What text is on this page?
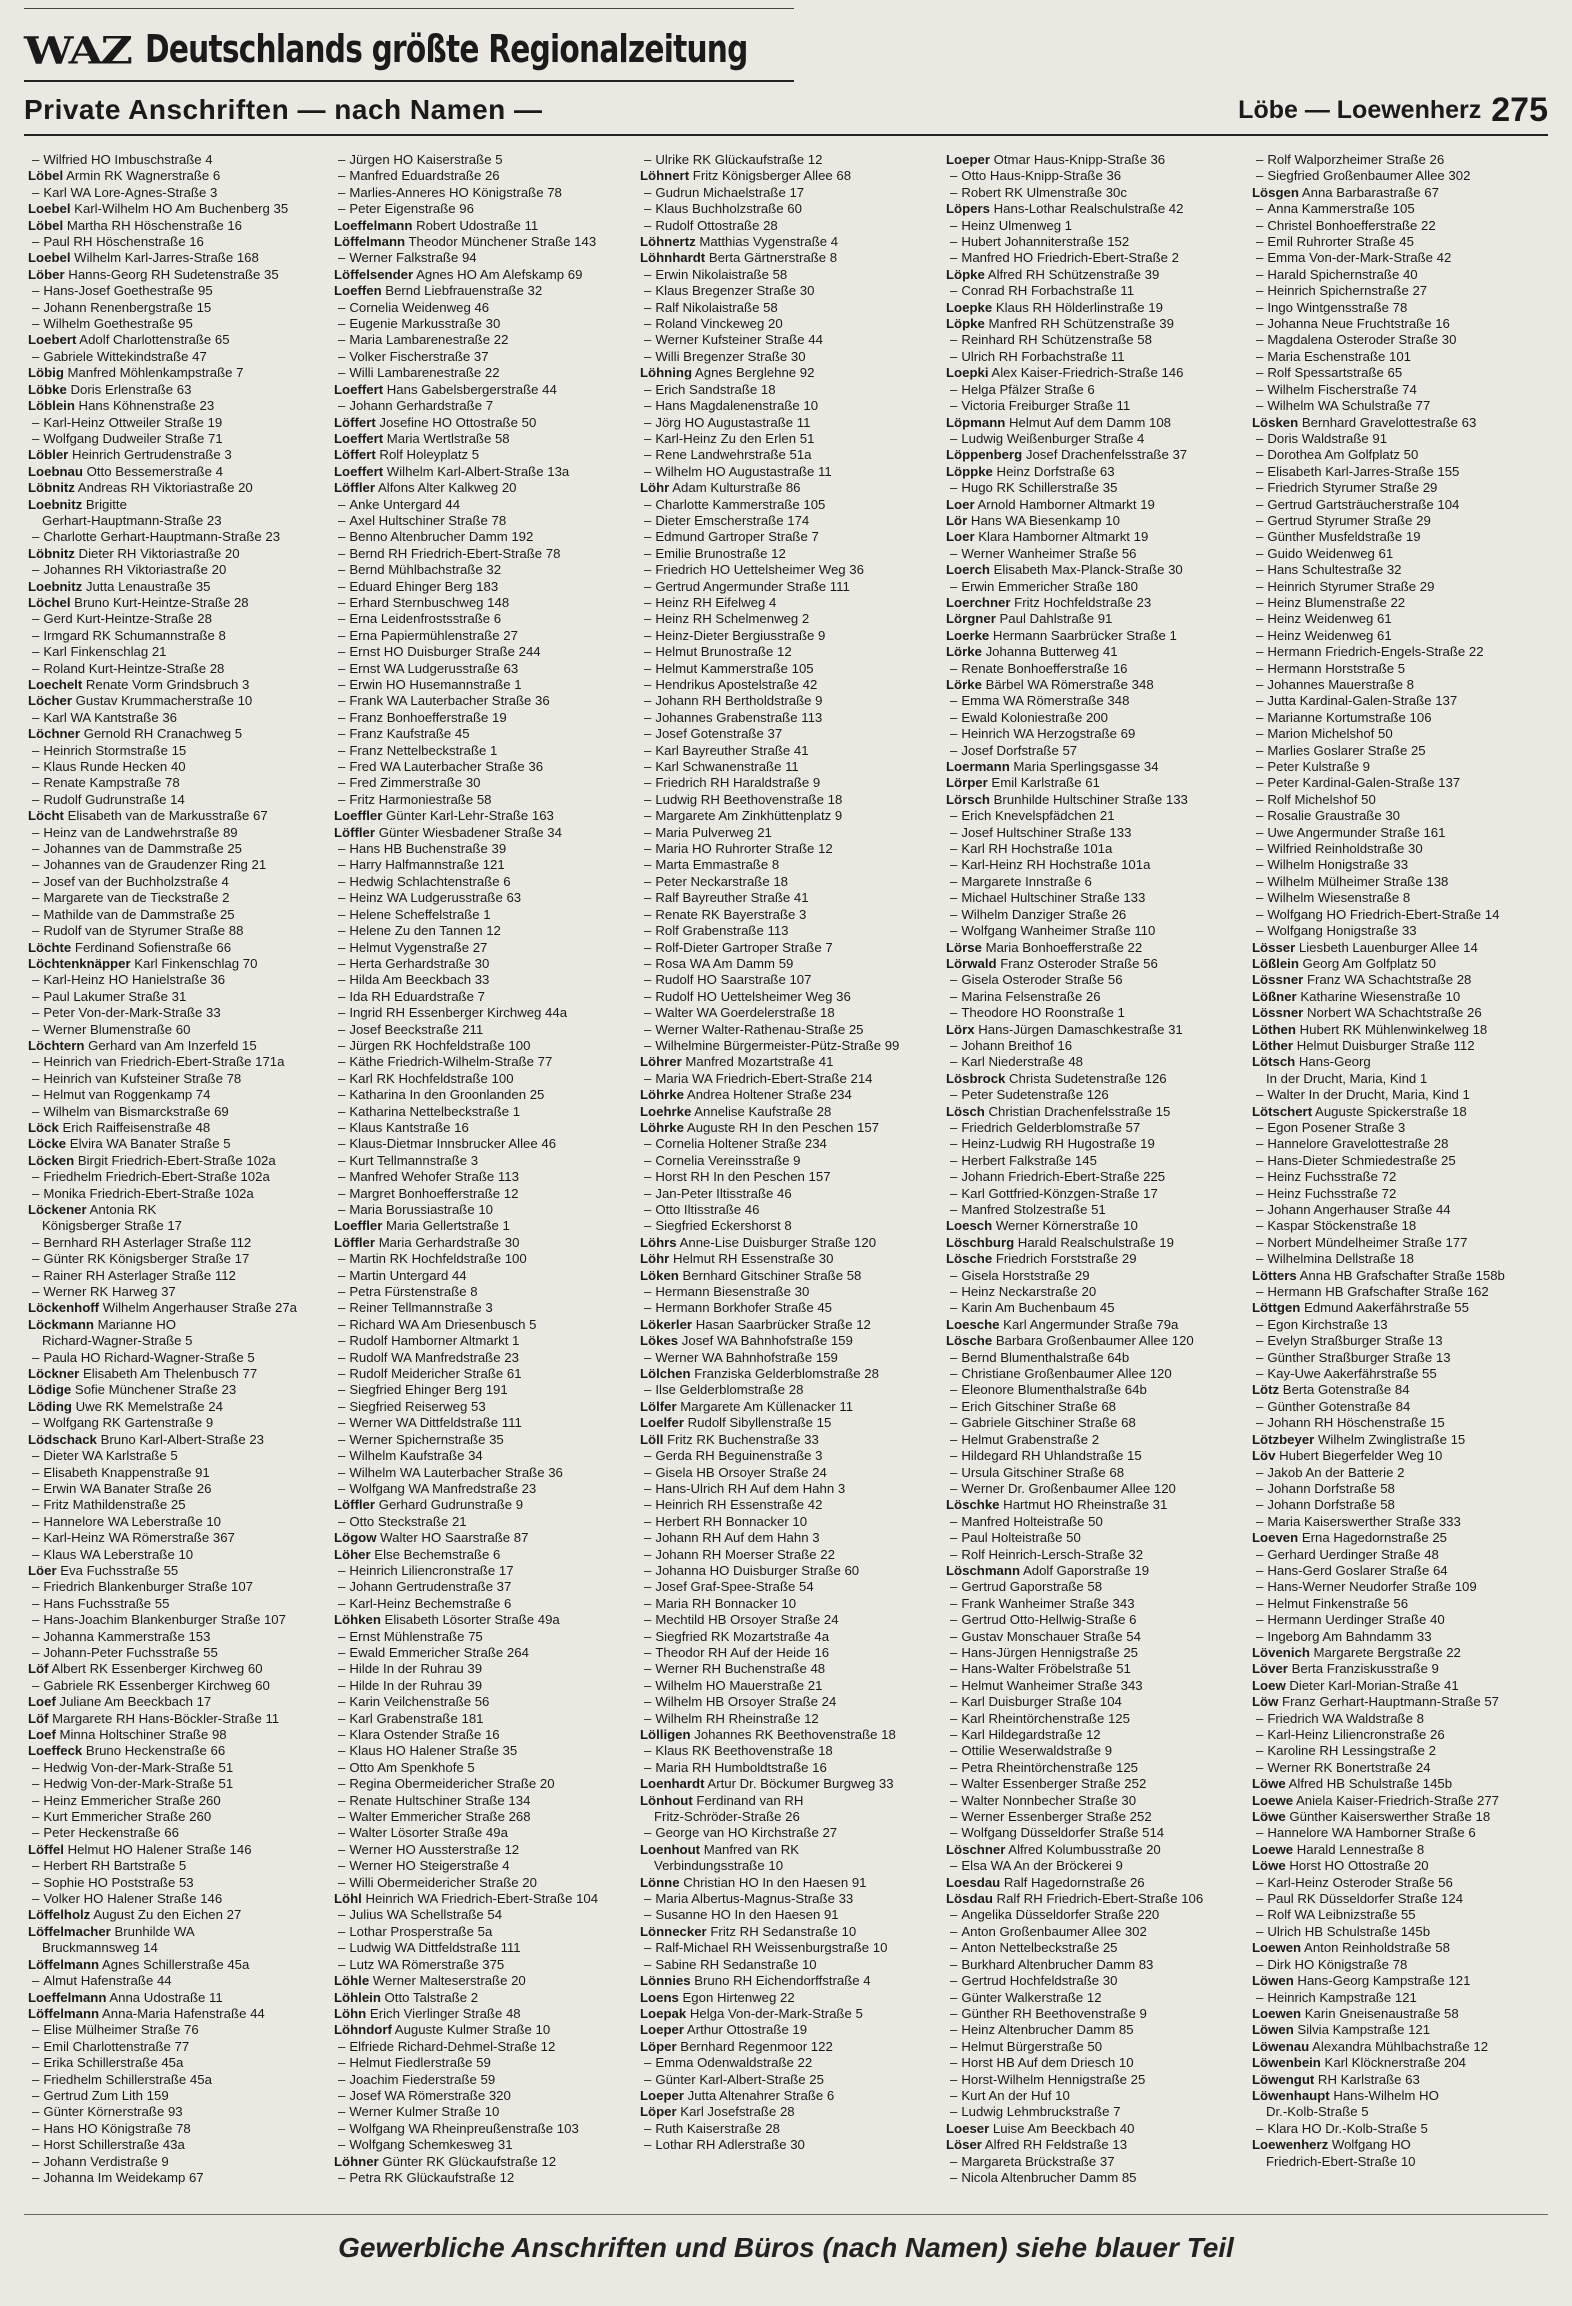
WAZ Deutschlands größte Regionalzeitung
Private Anschriften — nach Namen —	Löbe — Loewenherz 275
– Wilfried HO Imbuschstraße 4
Löbel Armin RK Wagnerstraße 6
– Karl WA Lore-Agnes-Straße 3
Loebel Karl-Wilhelm HO Am Buchenberg 35
Löbel Martha RH Höschenstraße 16
– Paul RH Höschenstraße 16
Loebel Wilhelm Karl-Jarres-Straße 168
Löber Hanns-Georg RH Sudetenstraße 35
– Hans-Josef Goethestraße 95
– Johann Renenbergstraße 15
– Wilhelm Goethestraße 95
Loebert Adolf Charlottenstraße 65
– Gabriele Wittekindstraße 47
Löbig Manfred Möhlenkampstraße 7
Löbke Doris Erlenstraße 63
Löblein Hans Köhnenstraße 23
– Karl-Heinz Ottweiler Straße 19
– Wolfgang Dudweiler Straße 71
Löbler Heinrich Gertrudenstraße 3
Loebnau Otto Bessemerstraße 4
Löbnitz Andreas RH Viktoriastraße 20
Loebnitz Brigitte
Gerhart-Hauptmann-Straße 23
– Charlotte Gerhart-Hauptmann-Straße 23
Löbnitz Dieter RH Viktoriastraße 20
– Johannes RH Viktoriastraße 20
Loebnitz Jutta Lenaustraße 35
Löchel Bruno Kurt-Heintze-Straße 28
– Gerd Kurt-Heintze-Straße 28
– Irmgard RK Schumannstraße 8
– Karl Finkenschlag 21
– Roland Kurt-Heintze-Straße 28
Loechelt Renate Vorm Grindsbruch 3
Löcher Gustav Krummacherstraße 10
– Karl WA Kantstraße 36
Löchner Gernold RH Cranachweg 5
– Heinrich Stormstraße 15
– Klaus Runde Hecken 40
– Renate Kampstraße 78
– Rudolf Gudrunstraße 14
Löcht Elisabeth van de Markusstraße 67
– Heinz van de Landwehrstraße 89
– Johannes van de Dammstraße 25
– Johannes van de Graudenzer Ring 21
– Josef van der Buchholzstraße 4
– Margarete van de Tieckstraße 2
– Mathilde van de Dammstraße 25
– Rudolf van de Styrumer Straße 88
Löchte Ferdinand Sofienstraße 66
Löchtenknäpper Karl Finkenschlag 70
– Karl-Heinz HO Hanielstraße 36
– Paul Lakumer Straße 31
– Peter Von-der-Mark-Straße 33
– Werner Blumenstraße 60
Löchtern Gerhard van Am Inzerfeld 15
– Heinrich van Friedrich-Ebert-Straße 171a
– Heinrich van Kufsteiner Straße 78
– Helmut van Roggenkamp 74
– Wilhelm van Bismarckstraße 69
Löck Erich Raiffeisenstraße 48
Löcke Elvira WA Banater Straße 5
Löcken Birgit Friedrich-Ebert-Straße 102a
– Friedhelm Friedrich-Ebert-Straße 102a
– Monika Friedrich-Ebert-Straße 102a
Löckener Antonia RK
Königsberger Straße 17
– Bernhard RH Asterlager Straße 112
– Günter RK Königsberger Straße 17
– Rainer RH Asterlager Straße 112
– Werner RK Harweg 37
Löckenhoff Wilhelm Angerhauser Straße 27a
Löckmann Marianne HO
Richard-Wagner-Straße 5
– Paula HO Richard-Wagner-Straße 5
Löckner Elisabeth Am Thelenbusch 77
Lödige Sofie Münchener Straße 23
Löding Uwe RK Memelstraße 24
– Wolfgang RK Gartenstraße 9
Lödschack Bruno Karl-Albert-Straße 23
– Dieter WA Karlstraße 5
– Elisabeth Knappenstraße 91
– Erwin WA Banater Straße 26
– Fritz Mathildenstraße 25
– Hannelore WA Leberstraße 10
– Karl-Heinz WA Römerstraße 367
– Klaus WA Leberstraße 10
Löer Eva Fuchsstraße 55
– Friedrich Blankenburger Straße 107
– Hans Fuchsstraße 55
– Hans-Joachim Blankenburger Straße 107
– Johanna Kammerstraße 153
– Johann-Peter Fuchsstraße 55
Löf Albert RK Essenberger Kirchweg 60
– Gabriele RK Essenberger Kirchweg 60
Loef Juliane Am Beeckbach 17
Löf Margarete RH Hans-Böckler-Straße 11
Loef Minna Holtschiner Straße 98
Loeffeck Bruno Heckenstraße 66
– Hedwig Von-der-Mark-Straße 51
– Hedwig Von-der-Mark-Straße 51
– Heinz Emmericher Straße 260
– Kurt Emmericher Straße 260
– Peter Heckenstraße 66
Löffel Helmut HO Halener Straße 146
– Herbert RH Bartstraße 5
– Sophie HO Poststraße 53
– Volker HO Halener Straße 146
Löffelholz August Zu den Eichen 27
Löffelmacher Brunhilde WA
Bruckmannsweg 14
Löffelmann Agnes Schillerstraße 45a
– Almut Hafenstraße 44
Loeffelmann Anna Udostraße 11
Löffelmann Anna-Maria Hafenstraße 44
– Elise Mülheimer Straße 76
– Emil Charlottenstraße 77
– Erika Schillerstraße 45a
– Friedhelm Schillerstraße 45a
– Gertrud Zum Lith 159
– Günter Körnerstraße 93
– Hans HO Königstraße 78
– Horst Schillerstraße 43a
– Johann Verdistraße 9
– Johanna Im Weidekamp 67
– Jürgen HO Kaiserstraße 5
– Manfred Eduardstraße 26
– Marlies-Anneres HO Königstraße 78
– Peter Eigenstraße 96
Loeffelmann Robert Udostraße 11
Löffelmann Theodor Münchener Straße 143
– Werner Falkstraße 94
Löffelsender Agnes HO Am Alefskamp 69
Loeffen Bernd Liebfrauenstraße 32
– Cornelia Weidenweg 46
– Eugenie Markusstraße 30
– Maria Lambarenestraße 22
– Volker Fischerstraße 37
– Willi Lambarenestraße 22
Loeffert Hans Gabelsbergerstraße 44
– Johann Gerhardstraße 7
Löffert Josefine HO Ottostraße 50
Loeffert Maria Wertlstraße 58
Löffert Rolf Holeyplatz 5
Loeffert Wilhelm Karl-Albert-Straße 13a
Löffler Alfons Alter Kalkweg 20
– Anke Untergard 44
– Axel Hultschiner Straße 78
– Benno Altenbrucher Damm 192
– Bernd RH Friedrich-Ebert-Straße 78
– Bernd Mühlbachstraße 32
– Eduard Ehinger Berg 183
– Erhard Sternbuschweg 148
– Erna Leidenfrostsstraße 6
– Erna Papiermühlenstraße 27
– Ernst HO Duisburger Straße 244
– Ernst WA Ludgerusstraße 63
– Erwin HO Husemannstraße 1
– Frank WA Lauterbacher Straße 36
– Franz Bonhoefferstraße 19
– Franz Kaufstraße 45
– Franz Nettelbeckstraße 1
– Fred WA Lauterbacher Straße 36
– Fred Zimmerstraße 30
– Fritz Harmoniestraße 58
Loeffler Günter Karl-Lehr-Straße 163
Löffler Günter Wiesbadener Straße 34
– Hans HB Buchenstraße 39
– Harry Halfmannstraße 121
– Hedwig Schlachtenstraße 6
– Heinz WA Ludgerusstraße 63
– Helene Scheffelstraße 1
– Helene Zu den Tannen 12
– Helmut Vygenstraße 27
– Herta Gerhardstraße 30
– Hilda Am Beeckbach 33
– Ida RH Eduardstraße 7
– Ingrid RH Essenberger Kirchweg 44a
– Josef Beeckstraße 211
– Jürgen RK Hochfeldstraße 100
– Käthe Friedrich-Wilhelm-Straße 77
– Karl RK Hochfeldstraße 100
– Katharina In den Groonlanden 25
– Katharina Nettelbeckstraße 1
– Klaus Kantstraße 16
– Klaus-Dietmar Innsbrucker Allee 46
– Kurt Tellmannstraße 3
– Manfred Wehofer Straße 113
– Margret Bonhoefferstraße 12
– Maria Borussiastraße 10
Loeffler Maria Gellertstraße 1
Löffler Maria Gerhardstraße 30
– Martin RK Hochfeldstraße 100
– Martin Untergard 44
– Petra Fürstenstraße 8
– Reiner Tellmannstraße 3
– Richard WA Am Driesenbusch 5
– Rudolf Hamborner Altmarkt 1
– Rudolf WA Manfredstraße 23
– Rudolf Meidericher Straße 61
– Siegfried Ehinger Berg 191
– Siegfried Reiserweg 53
– Werner WA Dittfeldstraße 111
– Werner Spichernstraße 35
– Wilhelm Kaufstraße 34
– Wilhelm WA Lauterbacher Straße 36
– Wolfgang WA Manfredstraße 23
Löffler Gerhard Gudrunstraße 9
– Otto Steckstraße 21
Lögow Walter HO Saarstraße 87
Löher Else Bechemstraße 6
– Heinrich Liliencronstraße 17
– Johann Gertrudenstraße 37
– Karl-Heinz Bechemstraße 6
Löhken Elisabeth Lösorter Straße 49a
– Ernst Mühlenstraße 75
– Ewald Emmericher Straße 264
– Hilde In der Ruhrau 39
– Hilde In der Ruhrau 39
– Karin Veilchenstraße 56
– Karl Grabenstraße 181
– Klara Ostender Straße 16
– Klaus HO Halener Straße 35
– Otto Am Spenkhofe 5
– Regina Obermeidericher Straße 20
– Renate Hultschiner Straße 134
– Walter Emmericher Straße 268
– Walter Lösorter Straße 49a
– Werner HO Aussterstraße 12
– Werner HO Steigerstraße 4
– Willi Obermeidericher Straße 20
Löhl Heinrich WA Friedrich-Ebert-Straße 104
– Julius WA Schellstraße 54
– Lothar Prosperstraße 5a
– Ludwig WA Dittfeldstraße 111
– Lutz WA Römerstraße 375
Löhle Werner Malteserstraße 20
Löhlein Otto Talstraße 2
Löhn Erich Vierlinger Straße 48
Löhndorf Auguste Kulmer Straße 10
– Elfriede Richard-Dehmel-Straße 12
– Helmut Fiedlerstraße 59
– Joachim Fiederstraße 59
– Josef WA Römerstraße 320
– Werner Kulmer Straße 10
– Wolfgang WA Rheinpreußenstraße 103
– Wolfgang Schemkesweg 31
Löhner Günter RK Glückaufstraße 12
– Petra RK Glückaufstraße 12
– Ulrike RK Glückaufstraße 12
Löhnert Fritz Königsberger Allee 68
– Gudrun Michaelstraße 17
– Klaus Buchholzstraße 60
– Rudolf Ottostraße 28
Löhnertz Matthias Vygenstraße 4
Löhnhardt Berta Gärtnerstraße 8
– Erwin Nikolaistraße 58
– Klaus Bregenzer Straße 30
– Ralf Nikolaistraße 58
– Roland Vinckeweg 20
– Werner Kufsteiner Straße 44
– Willi Bregenzer Straße 30
Löhning Agnes Berglehne 92
– Erich Sandstraße 18
– Hans Magdalenenstraße 10
– Jörg HO Augustastraße 11
– Karl-Heinz Zu den Erlen 51
– Rene Landwehrstraße 51a
– Wilhelm HO Augustastraße 11
Löhr Adam Kulturstraße 86
– Charlotte Kammerstraße 105
– Dieter Emscherstraße 174
– Edmund Gartroper Straße 7
– Emilie Brunostraße 12
– Friedrich HO Uettelsheimer Weg 36
– Gertrud Angermunder Straße 111
– Heinz RH Eifelweg 4
– Heinz RH Schelmenweg 2
– Heinz-Dieter Bergiusstraße 9
– Helmut Brunostraße 12
– Helmut Kammerstraße 105
– Hendrikus Apostelstraße 42
– Johann RH Bertholdstraße 9
– Johannes Grabenstraße 113
– Josef Gotenstraße 37
– Karl Bayreuther Straße 41
– Karl Schwanenstraße 11
– Friedrich RH Haraldstraße 9
– Ludwig RH Beethovenstraße 18
– Margarete Am Zinkhüttenplatz 9
– Maria Pulverweg 21
– Maria HO Ruhrorter Straße 12
– Marta Emmastraße 8
– Peter Neckarstraße 18
– Ralf Bayreuther Straße 41
– Renate RK Bayerstraße 3
– Rolf Grabenstraße 113
– Rolf-Dieter Gartroper Straße 7
– Rosa WA Am Damm 59
– Rudolf HO Saarstraße 107
– Rudolf HO Uettelsheimer Weg 36
– Walter WA Goerdelerstraße 18
– Werner Walter-Rathenau-Straße 25
– Wilhelmine Bürgermeister-Pütz-Straße 99
Löhrer Manfred Mozartstraße 41
– Maria WA Friedrich-Ebert-Straße 214
Löhrke Andrea Holtener Straße 234
Loehrke Annelise Kaufstraße 28
Löhrke Auguste RH In den Peschen 157
– Cornelia Holtener Straße 234
– Cornelia Vereinsstraße 9
– Horst RH In den Peschen 157
– Jan-Peter Iltisstraße 46
– Otto Iltisstraße 46
– Siegfried Eckershorst 8
Löhrs Anne-Lise Duisburger Straße 120
Löhr Helmut RH Essenstraße 30
Löken Bernhard Gitschiner Straße 58
– Hermann Biesenstraße 30
– Hermann Borkhofer Straße 45
Lökerler Hasan Saarbrücker Straße 12
Lökes Josef WA Bahnhofstraße 159
– Werner WA Bahnhofstraße 159
Lölchen Franziska Gelderblomstraße 28
– Ilse Gelderblomstraße 28
Lölfer Margarete Am Küllenacker 11
Loelfer Rudolf Sibyllenstraße 15
Löll Fritz RK Buchenstraße 33
– Gerda RH Beguinenstraße 3
– Gisela HB Orsoyer Straße 24
– Hans-Ulrich RH Auf dem Hahn 3
– Heinrich RH Essenstraße 42
– Herbert RH Bonnacker 10
– Johann RH Auf dem Hahn 3
– Johann RH Moerser Straße 22
– Johanna HO Duisburger Straße 60
– Josef Graf-Spee-Straße 54
– Maria RH Bonnacker 10
– Mechtild HB Orsoyer Straße 24
– Siegfried RK Mozartstraße 4a
– Theodor RH Auf der Heide 16
– Werner RH Buchenstraße 48
– Wilhelm HO Mauerstraße 21
– Wilhelm HB Orsoyer Straße 24
– Wilhelm RH Rheinstraße 12
Lölligen Johannes RK Beethovenstraße 18
– Klaus RK Beethovenstraße 18
– Maria RH Humboldtstraße 16
Loenhardt Artur Dr. Böckumer Burgweg 33
Lönhout Ferdinand van RH
Fritz-Schröder-Straße 26
– George van HO Kirchstraße 27
Loenhout Manfred van RK
Verbindungsstraße 10
Lönne Christian HO In den Haesen 91
– Maria Albertus-Magnus-Straße 33
– Susanne HO In den Haesen 91
Lönnecker Fritz RH Sedanstraße 10
– Ralf-Michael RH Weissenburgstraße 10
– Sabine RH Sedanstraße 10
Lönnies Bruno RH Eichendorffstraße 4
Loens Egon Hirtenweg 22
Loepak Helga Von-der-Mark-Straße 5
Loeper Arthur Ottostraße 19
Löper Bernhard Regenmoor 122
– Emma Odenwaldstraße 22
– Günter Karl-Albert-Straße 25
Loeper Jutta Altenahrer Straße 6
Löper Karl Josefstraße 28
– Ruth Kaiserstraße 28
– Lothar RH Adlerstraße 30
Loeper Otmar Haus-Knipp-Straße 36
– Otto Haus-Knipp-Straße 36
– Robert RK Ulmenstraße 30c
Löpers Hans-Lothar Realschulstraße 42
– Heinz Ulmenweg 1
– Hubert Johanniterstraße 152
– Manfred HO Friedrich-Ebert-Straße 2
Löpke Alfred RH Schützenstraße 39
– Conrad RH Forbachstraße 11
Loepke Klaus RH Hölderlinstraße 19
Löpke Manfred RH Schützenstraße 39
– Reinhard RH Schützenstraße 58
– Ulrich RH Forbachstraße 11
Loepki Alex Kaiser-Friedrich-Straße 146
– Helga Pfälzer Straße 6
– Victoria Freiburger Straße 11
Löpmann Helmut Auf dem Damm 108
– Ludwig Weißenburger Straße 4
Löppenberg Josef Drachenfelsstraße 37
Löppke Heinz Dorfstraße 63
– Hugo RK Schillerstraße 35
Loer Arnold Hamborner Altmarkt 19
Lör Hans WA Biesenkamp 10
Loer Klara Hamborner Altmarkt 19
– Werner Wanheimer Straße 56
Loerch Elisabeth Max-Planck-Straße 30
– Erwin Emmericher Straße 180
Loerchner Fritz Hochfeldstraße 23
Lörgner Paul Dahlstraße 91
Loerke Hermann Saarbrücker Straße 1
Lörke Johanna Butterweg 41
– Renate Bonhoefferstraße 16
Lörke Bärbel WA Römerstraße 348
– Emma WA Römerstraße 348
– Ewald Koloniestraße 200
– Heinrich WA Herzogstraße 69
– Josef Dorfstraße 57
Loermann Maria Sperlingsgasse 34
Lörper Emil Karlstraße 61
Lörsch Brunhilde Hultschiner Straße 133
– Erich Knevelspfädchen 21
– Josef Hultschiner Straße 133
– Karl RH Hochstraße 101a
– Karl-Heinz RH Hochstraße 101a
– Margarete Innstraße 6
– Michael Hultschiner Straße 133
– Wilhelm Danziger Straße 26
– Wolfgang Wanheimer Straße 110
Lörse Maria Bonhoefferstraße 22
Lörwald Franz Osteroder Straße 56
– Gisela Osteroder Straße 56
– Marina Felsenstraße 26
– Theodore HO Roonstraße 1
Lörx Hans-Jürgen Damaschkestraße 31
– Johann Breithof 16
– Karl Niederstraße 48
Lösbrock Christa Sudetenstraße 126
– Peter Sudetenstraße 126
Lösch Christian Drachenfelsstraße 15
– Friedrich Gelderblomstraße 57
– Heinz-Ludwig RH Hugostraße 19
– Herbert Falkstraße 145
– Johann Friedrich-Ebert-Straße 225
– Karl Gottfried-Könzgen-Straße 17
– Manfred Stolzestraße 51
Loesch Werner Körnerstraße 10
Löschburg Harald Realschulstraße 19
Lösche Friedrich Forststraße 29
– Gisela Horststraße 29
– Heinz Neckarstraße 20
– Karin Am Buchenbaum 45
Loesche Karl Angermunder Straße 79a
Lösche Barbara Großenbaumer Allee 120
– Bernd Blumenthalstraße 64b
– Christiane Großenbaumer Allee 120
– Eleonore Blumenthalstraße 64b
– Erich Gitschiner Straße 68
– Gabriele Gitschiner Straße 68
– Helmut Grabenstraße 2
– Hildegard RH Uhlandstraße 15
– Ursula Gitschiner Straße 68
– Werner Dr. Großenbaumer Allee 120
Löschke Hartmut HO Rheinstraße 31
– Manfred Holteistraße 50
– Paul Holteistraße 50
– Rolf Heinrich-Lersch-Straße 32
Löschmann Adolf Gaporstraße 19
– Gertrud Gaporstraße 58
– Frank Wanheimer Straße 343
– Gertrud Otto-Hellwig-Straße 6
– Gustav Monschauer Straße 54
– Hans-Jürgen Hennigstraße 25
– Hans-Walter Fröbelstraße 51
– Helmut Wanheimer Straße 343
– Karl Duisburger Straße 104
– Karl Rheintörchenstraße 125
– Karl Hildegardstraße 12
– Ottilie Weserwaldstraße 9
– Petra Rheintörchenstraße 125
– Walter Essenberger Straße 252
– Walter Nonnbecher Straße 30
– Werner Essenberger Straße 252
– Wolfgang Düsseldorfer Straße 514
Löschner Alfred Kolumbusstraße 20
– Elsa WA An der Bröckerei 9
Loesdau Ralf Hagedornstraße 26
Lösdau Ralf RH Friedrich-Ebert-Straße 106
– Angelika Düsseldorfer Straße 220
– Anton Großenbaumer Allee 302
– Anton Nettelbeckstraße 25
– Burkhard Altenbrucher Damm 83
– Gertrud Hochfeldstraße 30
– Günter Walkerstraße 12
– Günther RH Beethovenstraße 9
– Heinz Altenbrucher Damm 85
– Helmut Bürgerstraße 50
– Horst HB Auf dem Driesch 10
– Horst-Wilhelm Hennigstraße 25
– Kurt An der Huf 10
– Ludwig Lehmbruckstraße 7
Loeser Luise Am Beeckbach 40
Löser Alfred RH Feldstraße 13
– Margareta Brückstraße 37
– Nicola Altenbrucher Damm 85
– Rolf Walporzheimer Straße 26
– Siegfried Großenbaumer Allee 302
Lösgen Anna Barbarastraße 67
– Anna Kammerstraße 105
– Christel Bonhoefferstraße 22
– Emil Ruhrorter Straße 45
– Emma Von-der-Mark-Straße 42
– Harald Spichernstraße 40
– Heinrich Spichernstraße 27
– Ingo Wintgensstraße 78
– Johanna Neue Fruchtstraße 16
– Magdalena Osteroder Straße 30
– Maria Eschenstraße 101
– Rolf Spessartstraße 65
– Wilhelm Fischerstraße 74
– Wilhelm WA Schulstraße 77
Lösken Bernhard Gravelottestraße 63
– Doris Waldstraße 91
– Dorothea Am Golfplatz 50
– Elisabeth Karl-Jarres-Straße 155
– Friedrich Styrumer Straße 29
– Gertrud Gartsträucherstraße 104
– Gertrud Styrumer Straße 29
– Günther Musfeldstraße 19
– Guido Weidenweg 61
– Hans Schultestraße 32
– Heinrich Styrumer Straße 29
– Heinz Blumenstraße 22
– Heinz Weidenweg 61
– Heinz Weidenweg 61
– Hermann Friedrich-Engels-Straße 22
– Hermann Horststraße 5
– Johannes Mauerstraße 8
– Jutta Kardinal-Galen-Straße 137
– Marianne Kortumstraße 106
– Marion Michelshof 50
– Marlies Goslarer Straße 25
– Peter Kulstraße 9
– Peter Kardinal-Galen-Straße 137
– Rolf Michelshof 50
– Rosalie Graustraße 30
– Uwe Angermunder Straße 161
– Wilfried Reinholdstraße 30
– Wilhelm Honigstraße 33
– Wilhelm Mülheimer Straße 138
– Wilhelm Wiesenstraße 8
– Wolfgang HO Friedrich-Ebert-Straße 14
– Wolfgang Honigstraße 33
Lösser Liesbeth Lauenburger Allee 14
Lößlein Georg Am Golfplatz 50
Lössner Franz WA Schachtstraße 28
Lößner Katharine Wiesenstraße 10
Lössner Norbert WA Schachtstraße 26
Löthen Hubert RK Mühlenwinkelweg 18
Löther Helmut Duisburger Straße 112
Lötsch Hans-Georg
In der Drucht, Maria, Kind 1
– Walter In der Drucht, Maria, Kind 1
Lötschert Auguste Spickerstraße 18
– Egon Posener Straße 3
– Hannelore Gravelottestraße 28
– Hans-Dieter Schmiedestraße 25
– Heinz Fuchsstraße 72
– Heinz Fuchsstraße 72
– Johann Angerhauser Straße 44
– Kaspar Stöckenstraße 18
– Norbert Mündelheimer Straße 177
– Wilhelmina Dellstraße 18
Lötters Anna HB Grafschafter Straße 158b
– Hermann HB Grafschafter Straße 162
Löttgen Edmund Aakerfährstraße 55
– Egon Kirchstraße 13
– Evelyn Straßburger Straße 13
– Günther Straßburger Straße 13
– Kay-Uwe Aakerfährstraße 55
Lötz Berta Gotenstraße 84
– Günther Gotenstraße 84
– Johann RH Höschenstraße 15
Lötzbeyer Wilhelm Zwinglistraße 15
Löv Hubert Biegerfelder Weg 10
– Jakob An der Batterie 2
– Johann Dorfstraße 58
– Johann Dorfstraße 58
– Maria Kaiserswerther Straße 333
Loeven Erna Hagedornstraße 25
– Gerhard Uerdinger Straße 48
– Hans-Gerd Goslarer Straße 64
– Hans-Werner Neudorfer Straße 109
– Helmut Finkenstraße 56
– Hermann Uerdinger Straße 40
– Ingeborg Am Bahndamm 33
Lövenich Margarete Bergstraße 22
Löver Berta Franziskusstraße 9
Loew Dieter Karl-Morian-Straße 41
Löw Franz Gerhart-Hauptmann-Straße 57
– Friedrich WA Waldstraße 8
– Karl-Heinz Liliencronstraße 26
– Karoline RH Lessingstraße 2
– Werner RK Bonertstraße 24
Löwe Alfred HB Schulstraße 145b
Loewe Aniela Kaiser-Friedrich-Straße 277
Löwe Günther Kaiserswerther Straße 18
– Hannelore WA Hamborner Straße 6
Loewe Harald Lennestraße 8
Löwe Horst HO Ottostraße 20
– Karl-Heinz Osteroder Straße 56
– Paul RK Düsseldorfer Straße 124
– Rolf WA Leibnizstraße 55
– Ulrich HB Schulstraße 145b
Loewen Anton Reinholdstraße 58
– Dirk HO Königstraße 78
Löwen Hans-Georg Kampstraße 121
– Heinrich Kampstraße 121
Loewen Karin Gneisenaustraße 58
Löwen Silvia Kampstraße 121
Löwenau Alexandra Mühlbachstraße 12
Löwenbein Karl Klöcknerstraße 204
Löwengut RH Karlstraße 63
Löwenhaupt Hans-Wilhelm HO
Dr.-Kolb-Straße 5
– Klara HO Dr.-Kolb-Straße 5
Loewenherz Wolfgang HO
Friedrich-Ebert-Straße 10
Gewerbliche Anschriften und Büros (nach Namen) siehe blauer Teil
